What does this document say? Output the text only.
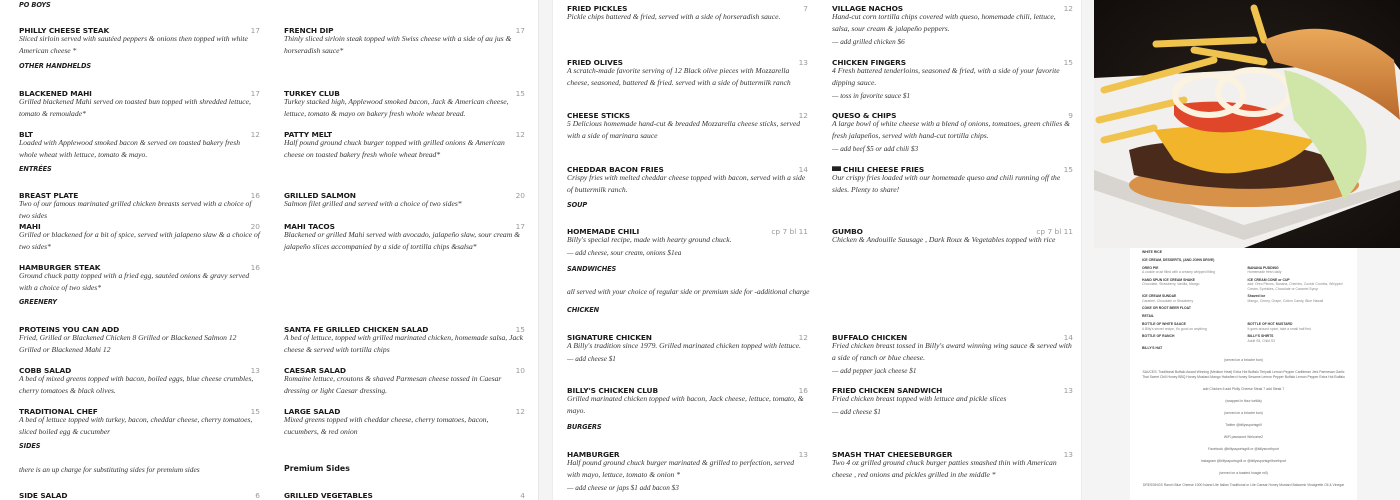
PO BOYS
PHILLY CHEESE STEAK	17
Sliced sirloin served with sautéed peppers & onions then topped with white American cheese *
FRENCH DIP	17
Thinly sliced sirloin steak topped with Swiss cheese with a side of au jus & horseradish sauce*
OTHER HANDHELDS
BLACKENED MAHI	17
Grilled blackened Mahi served on toasted bun topped with shredded lettuce, tomato & remoulade*
TURKEY CLUB	15
Turkey stacked high, Applewood smoked bacon, Jack & American cheese, lettuce, tomato & mayo on bakery fresh whole wheat bread.
BLT	12
Loaded with Applewood smoked bacon & served on toasted bakery fresh whole wheat with lettuce, tomato & mayo.
PATTY MELT	12
Half pound ground chuck burger topped with grilled onions & American cheese on toasted bakery fresh whole wheat bread*
ENTRÉES
BREAST PLATE	16
Two of our famous marinated grilled chicken breasts served with a choice of two sides
GRILLED SALMON	20
Salmon filet grilled and served with a choice of two sides*
MAHI	20
Grilled or blackened for a bit of spice, served with jalapeno slaw & a choice of two sides*
MAHI TACOS	17
Blackened or grilled Mahi served with avocado, jalapeño slaw, sour cream & jalapeño slices accompanied by a side of tortilla chips &salsa*
HAMBURGER STEAK	16
Ground chuck patty topped with a fried egg, sautéed onions & gravy served with a choice of two sides*
GREENERY
PROTEINS YOU CAN ADD
Fried, Grilled or Blackened Chicken 8 Grilled or Blackened Salmon 12 Grilled or Blackened Mahi 12
SANTA FE GRILLED CHICKEN SALAD	15
A bed of lettuce, topped with grilled marinated chicken, homemade salsa, Jack cheese & served with tortilla chips
COBB SALAD	13
A bed of mixed greens topped with bacon, boiled eggs, blue cheese crumbles, cherry tomatoes & black olives.
CAESAR SALAD	10
Romaine lettuce, croutons & shaved Parmesan cheese tossed in Caesar dressing or light Caesar dressing.
TRADITIONAL CHEF	15
A bed of lettuce topped with turkey, bacon, cheddar cheese, cherry tomatoes, sliced boiled egg & cucumber
LARGE SALAD	12
Mixed greens topped with cheddar cheese, cherry tomatoes, bacon, cucumbers, & red onion
SIDES
there is an up charge for substituting sides for premium sides	Premium Sides
SIDE SALAD	6	GRILLED VEGETABLES	4
FRIED PICKLES	7
Pickle chips battered & fried, served with a side of horseradish sauce.
VILLAGE NACHOS	12
Hand-cut corn tortilla chips covered with queso, homemade chili, lettuce, salsa, sour cream & jalapeño peppers.
— add grilled chicken $6
FRIED OLIVES	13
A scratch-made favorite serving of 12 Black olive pieces with Mozzarella cheese, seasoned, battered & fried. served with a side of buttermilk ranch
CHICKEN FINGERS	15
4 Fresh battered tenderloins, seasoned & fried, with a side of your favorite dipping sauce.
— toss in favorite sauce $1
CHEESE STICKS	12
5 Delicious homemade hand-cut & breaded Mozzarella cheese sticks, served with a side of marinara sauce
QUESO & CHIPS	9
A large bowl of white cheese with a blend of onions, tomatoes, green chilies & fresh jalapeños, served with hand-cut tortilla chips.
— add beef $5 or add chili $3
CHEDDAR BACON FRIES	14
Crispy fries with melted cheddar cheese topped with bacon, served with a side of buttermilk ranch.
CHILI CHEESE FRIES	15
Our crispy fries loaded with our homemade queso and chili running off the sides. Plenty to share!
SOUP
HOMEMADE CHILI	cp 7 bl 11
Billy's special recipe, made with hearty ground chuck.
— add cheese, sour cream, onions $1ea
GUMBO	cp 7 bl 11
Chicken & Andouille Sausage , Dark Roux & Vegetables topped with rice
SANDWICHES
all served with your choice of regular side or premium side for -additional charge
CHICKEN
SIGNATURE CHICKEN	12
A Billy's tradition since 1979. Grilled marinated chicken topped with lettuce.
— add cheese $1
BUFFALO CHICKEN	14
Fried chicken breast tossed in Billy's award winning wing sauce & served with a side of ranch or blue cheese.
— add pepper jack cheese $1
BILLY'S CHICKEN CLUB	16
Grilled marinated chicken topped with bacon, Jack cheese, lettuce, tomato, & mayo.
FRIED CHICKEN SANDWICH	13
Fried chicken breast topped with lettuce and pickle slices
— add cheese $1
BURGERS
HAMBURGER	13
Half pound ground chuck burger marinated & grilled to perfection, served with mayo, lettuce, tomato & onion *
— add cheese or japs $1 add bacon $3
SMASH THAT CHEESEBURGER	13
Two 4 oz grilled ground chuck burger patties smashed thin with American cheese , red onions and pickles grilled in the middle *
WHITE RICE
ICE CREAM, DESSERTS, (AND JOHN DRIVE)
OREO PIE
A cookie crust filled with a creamy whipped filling
BANANA PUDDING
Homemade fresh daily
HAND SPUN ICE CREAM SHAKE
Chocolate, Strawberry, Vanilla, Mango
ICE CREAM CONE or CUP
add: Oreo Pieces, Banana, Cherries, Cookie Crumbs, Whipped Cream, Sprinkles, Chocolate or Caramel Syrup
ICE CREAM SUNDAE
Caramel, Chocolate or Strawberry
Shaved Ice
Mango, Cherry, Grape, Cotton Candy, Blue Hawaii
COKE OR ROOT BEER FLOAT
RETAIL
BOTTLE OF WHITE SAUCE
A Billy's secret recipe, it's good on anything
BOTTLE OF HOT MUSTARD
It goes around spice, take a small half first
BOTTLE OF RANCH	BILLY'S SHIRTS
Adult S5, Child S3
BILLY'S HAT
(served on a brioche bun)
SAUCES: Traditional Buffalo Award Winning (Medium Heat) Extra Hot Buffalo Teriyaki Lemon Pepper Caribbean Jerk Parmesan Garlic Thai Sweet Chili Honey BBQ Honey Mustard Mango Habañero Honey Sesame Lemon Pepper Buffalo Lemon Pepper Extra Hot Buffalo
add Chicken 6 add Philly Cheese Steak 7 add Steak 7
(wrapped in flour tortilla)
(served on a brioche bun)
Twitter @billyssportsgrill
WiFi password Welcome2
Facebook @billyssportsgrill or @billysnorthport
Instagram @billyssportsgrill or @billyssportsgrillnorthport
(served on a toasted hoagie roll)
DRESSINGS Ranch Blue Cheese 1000 Island Lite Italian Traditional or Lite Caesar Honey Mustard Balsamic Vinaigrette Oil & Vinegar
